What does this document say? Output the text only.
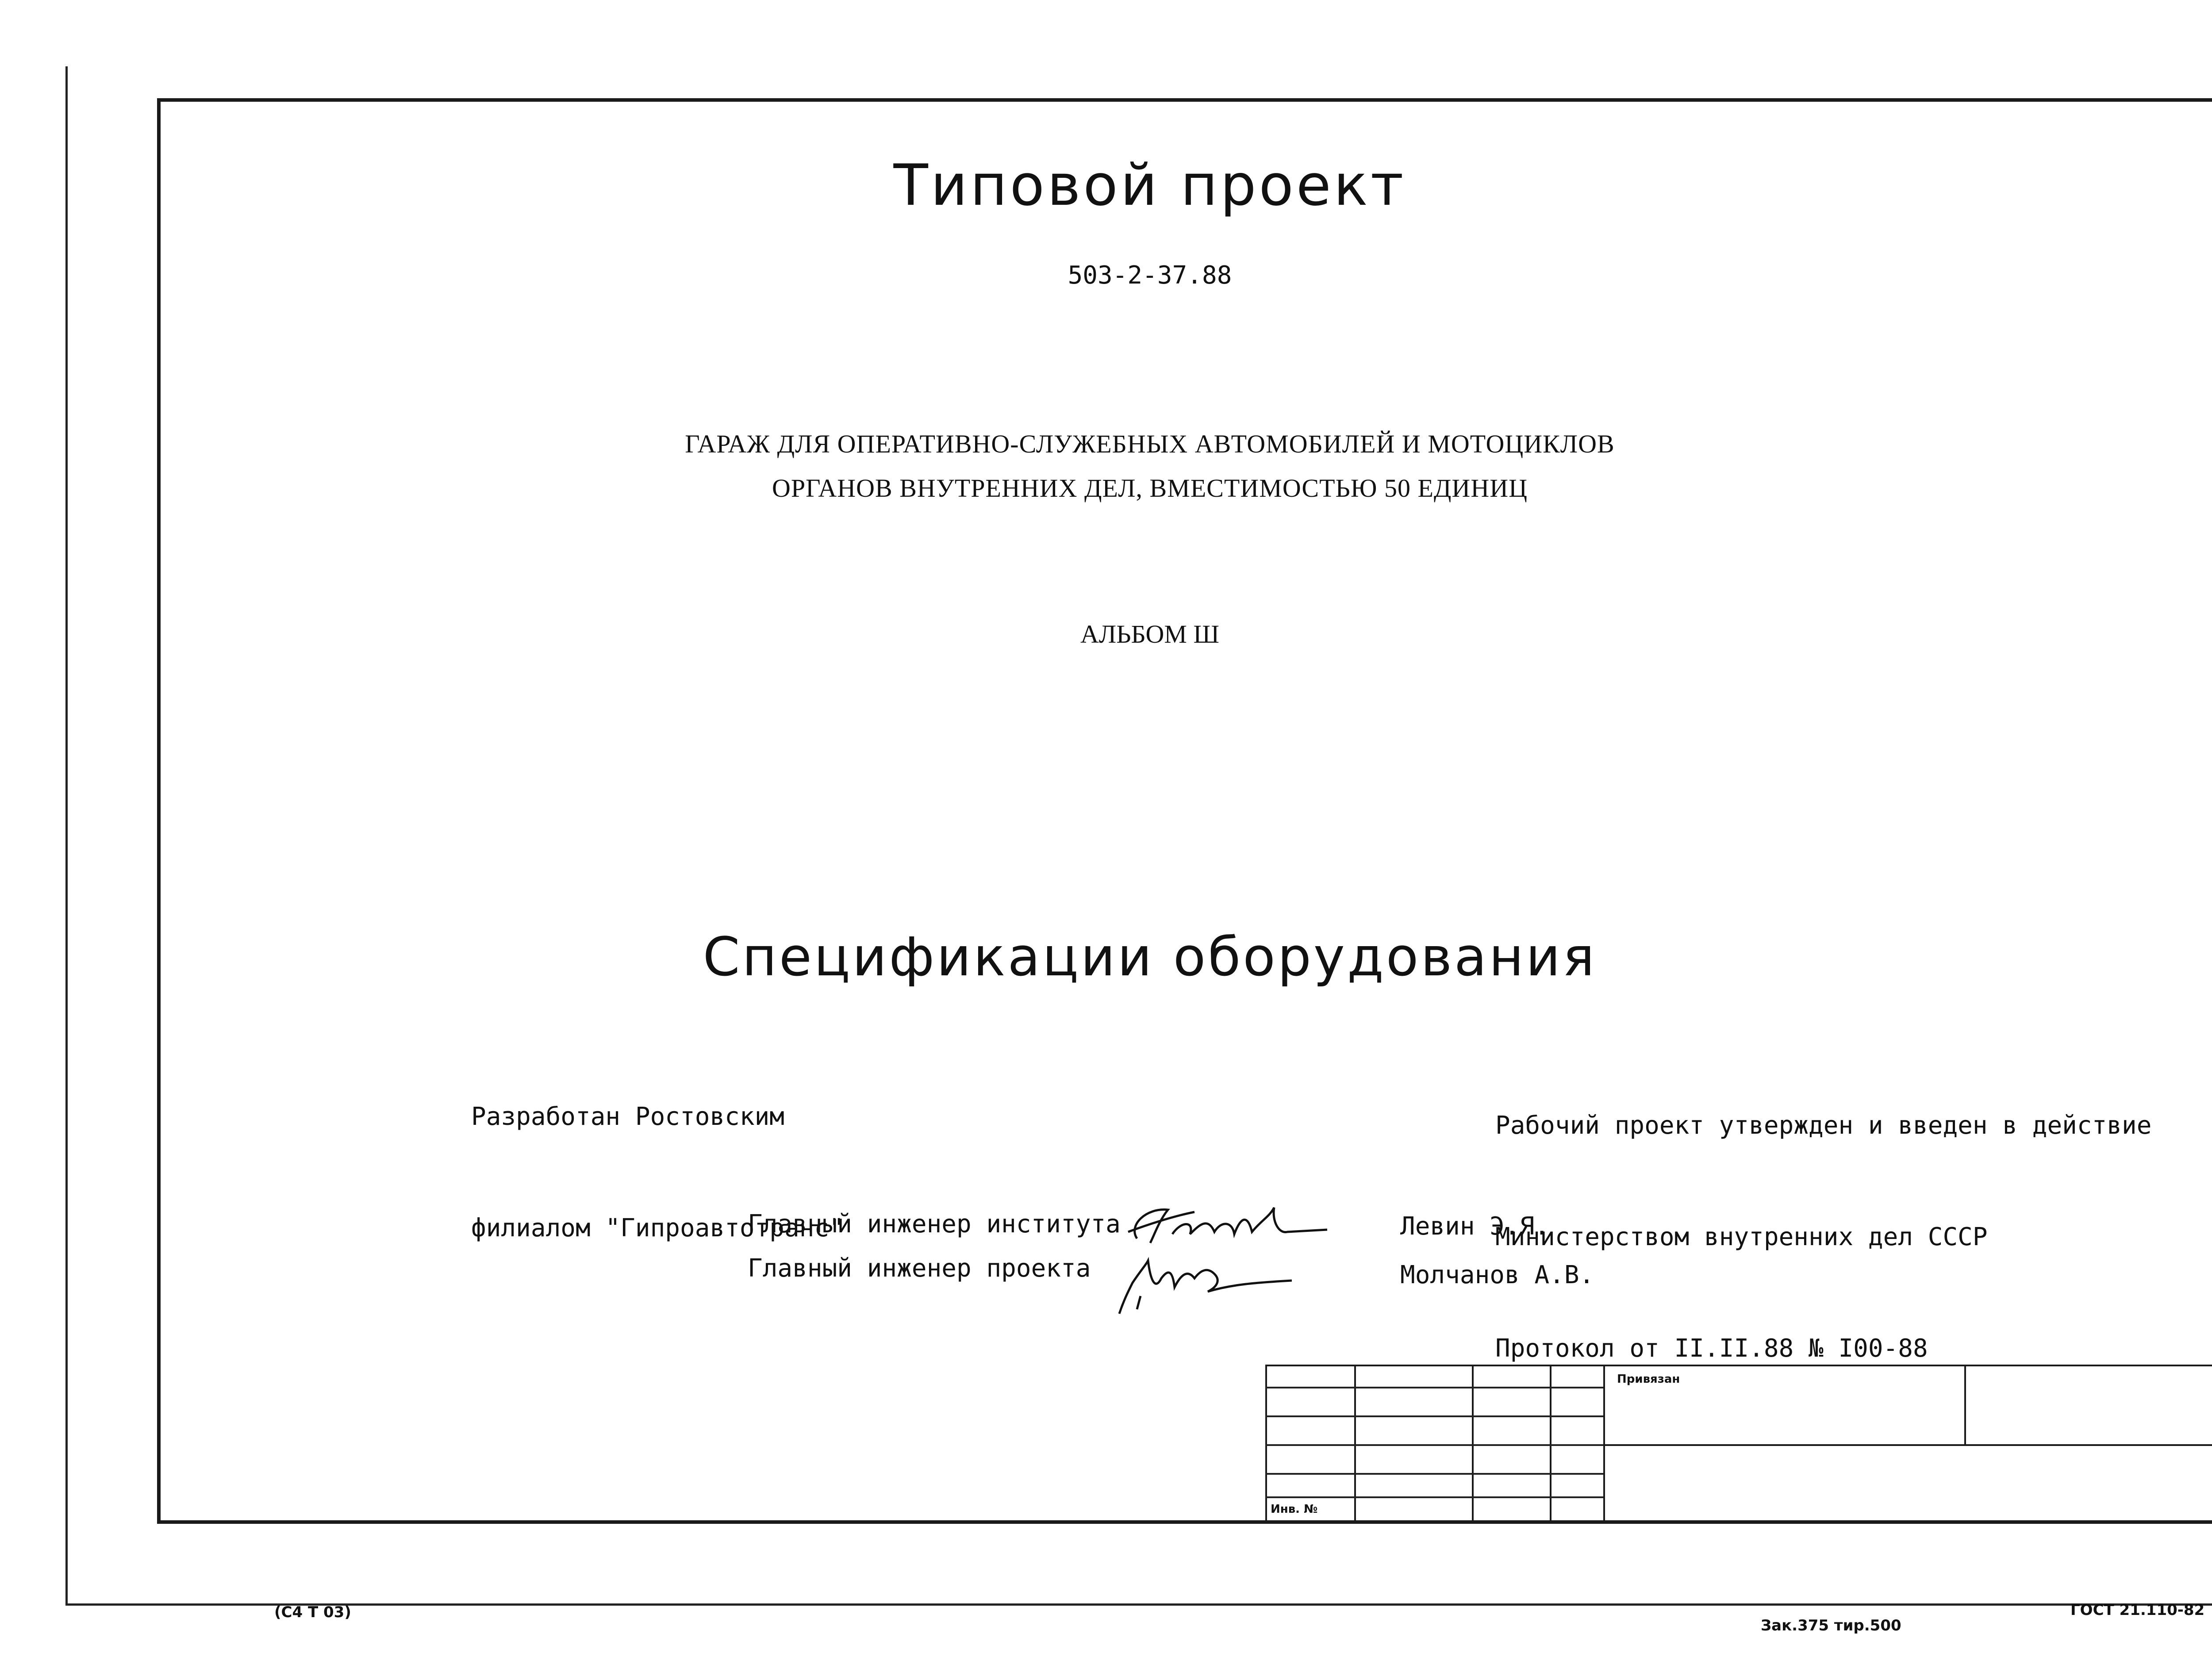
Типовой проект
503-2-37.88
ГАРАЖ ДЛЯ ОПЕРАТИВНО-СЛУЖЕБНЫХ АВТОМОБИЛЕЙ И МОТОЦИКЛОВ
ОРГАНОВ ВНУТРЕННИХ ДЕЛ, ВМЕСТИМОСТЬЮ 50 ЕДИНИЦ
АЛЬБОМ Ш
Спецификации оборудования

Разработан Ростовским

филиалом "Гипроавтотранс"

Рабочий проект утвержден и введен в действие

Министерством внутренних дел СССР

Протокол от II.II.88 № I00-88

Главный инженер института	Левин Э.Я.
Главный инженер проекта	Молчанов А.В.
Привязан
Инв. №
(С4 Т 03)
Зак.375 тир.500
ГОСТ 21.110-82
